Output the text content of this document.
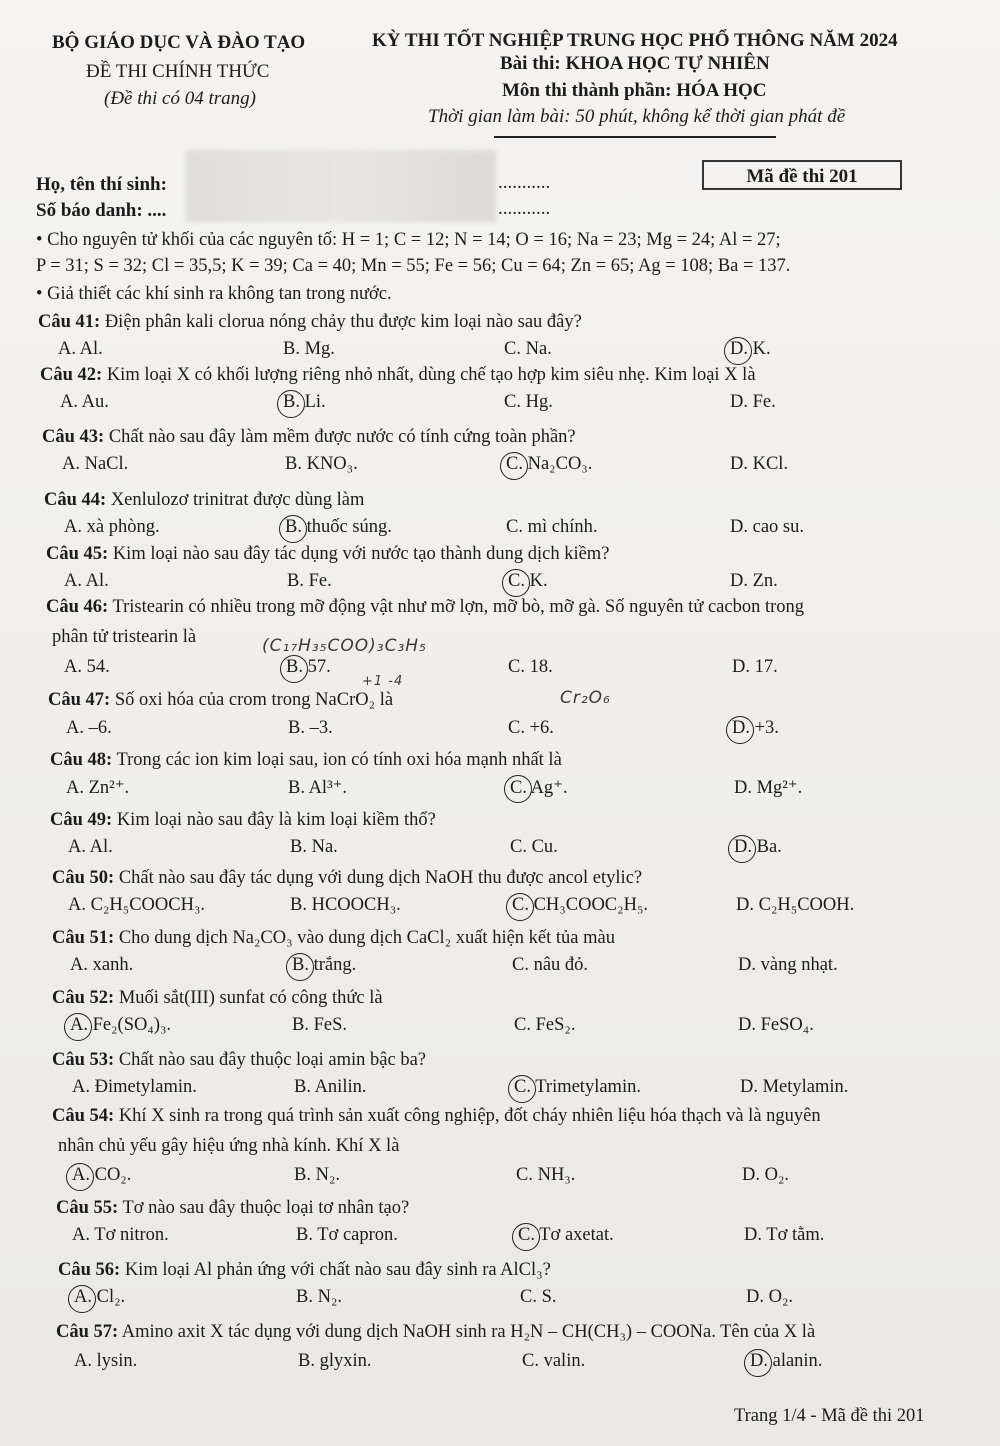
BỘ GIÁO DỤC VÀ ĐÀO TẠO
ĐỀ THI CHÍNH THỨC
(Đề thi có 04 trang)
KỲ THI TỐT NGHIỆP TRUNG HỌC PHỔ THÔNG NĂM 2024
Bài thi: KHOA HỌC TỰ NHIÊN
Môn thi thành phần: HÓA HỌC
Thời gian làm bài: 50 phút, không kể thời gian phát đề
Họ, tên thí sinh:
Số báo danh: ....
...........
...........
Mã đề thi 201
• Cho nguyên tử khối của các nguyên tố: H = 1; C = 12; N = 14; O = 16; Na = 23; Mg = 24; Al = 27;
P = 31; S = 32; Cl = 35,5; K = 39; Ca = 40; Mn = 55; Fe = 56; Cu = 64; Zn = 65; Ag = 108; Ba = 137.
• Giả thiết các khí sinh ra không tan trong nước.
Câu 41: Điện phân kali clorua nóng chảy thu được kim loại nào sau đây?
A. Al.	B. Mg.	C. Na.	D. K.
Câu 42: Kim loại X có khối lượng riêng nhỏ nhất, dùng chế tạo hợp kim siêu nhẹ. Kim loại X là
A. Au.	B. Li.	C. Hg.	D. Fe.
Câu 43: Chất nào sau đây làm mềm được nước có tính cứng toàn phần?
A. NaCl.	B. KNO₃.	C. Na₂CO₃.	D. KCl.
Câu 44: Xenlulozơ trinitrat được dùng làm
A. xà phòng.	B. thuốc súng.	C. mì chính.	D. cao su.
Câu 45: Kim loại nào sau đây tác dụng với nước tạo thành dung dịch kiềm?
A. Al.	B. Fe.	C. K.	D. Zn.
Câu 46: Tristearin có nhiều trong mỡ động vật như mỡ lợn, mỡ bò, mỡ gà. Số nguyên tử cacbon trong
phân tử tristearin là
A. 54.	B. 57.	C. 18.	D. 17.
Câu 47: Số oxi hóa của crom trong NaCrO₂ là
A. –6.	B. –3.	C. +6.	D. +3.
Câu 48: Trong các ion kim loại sau, ion có tính oxi hóa mạnh nhất là
A. Zn²⁺.	B. Al³⁺.	C. Ag⁺.	D. Mg²⁺.
Câu 49: Kim loại nào sau đây là kim loại kiềm thổ?
A. Al.	B. Na.	C. Cu.	D. Ba.
Câu 50: Chất nào sau đây tác dụng với dung dịch NaOH thu được ancol etylic?
A. C₂H₅COOCH₃.	B. HCOOCH₃.	C. CH₃COOC₂H₅.	D. C₂H₅COOH.
Câu 51: Cho dung dịch Na₂CO₃ vào dung dịch CaCl₂ xuất hiện kết tủa màu
A. xanh.	B. trắng.	C. nâu đỏ.	D. vàng nhạt.
Câu 52: Muối sắt(III) sunfat có công thức là
A. Fe₂(SO₄)₃.	B. FeS.	C. FeS₂.	D. FeSO₄.
Câu 53: Chất nào sau đây thuộc loại amin bậc ba?
A. Đimetylamin.	B. Anilin.	C. Trimetylamin.	D. Metylamin.
Câu 54: Khí X sinh ra trong quá trình sản xuất công nghiệp, đốt cháy nhiên liệu hóa thạch và là nguyên
nhân chủ yếu gây hiệu ứng nhà kính. Khí X là
A. CO₂.	B. N₂.	C. NH₃.	D. O₂.
Câu 55: Tơ nào sau đây thuộc loại tơ nhân tạo?
A. Tơ nitron.	B. Tơ capron.	C. Tơ axetat.	D. Tơ tằm.
Câu 56: Kim loại Al phản ứng với chất nào sau đây sinh ra AlCl₃?
A. Cl₂.	B. N₂.	C. S.	D. O₂.
Câu 57: Amino axit X tác dụng với dung dịch NaOH sinh ra H₂N – CH(CH₃) – COONa. Tên của X là
A. lysin.	B. glyxin.	C. valin.	D. alanin.
(C₁₇H₃₅COO)₃C₃H₅
+1 -4
Cr₂O₆
Trang 1/4 - Mã đề thi 201
